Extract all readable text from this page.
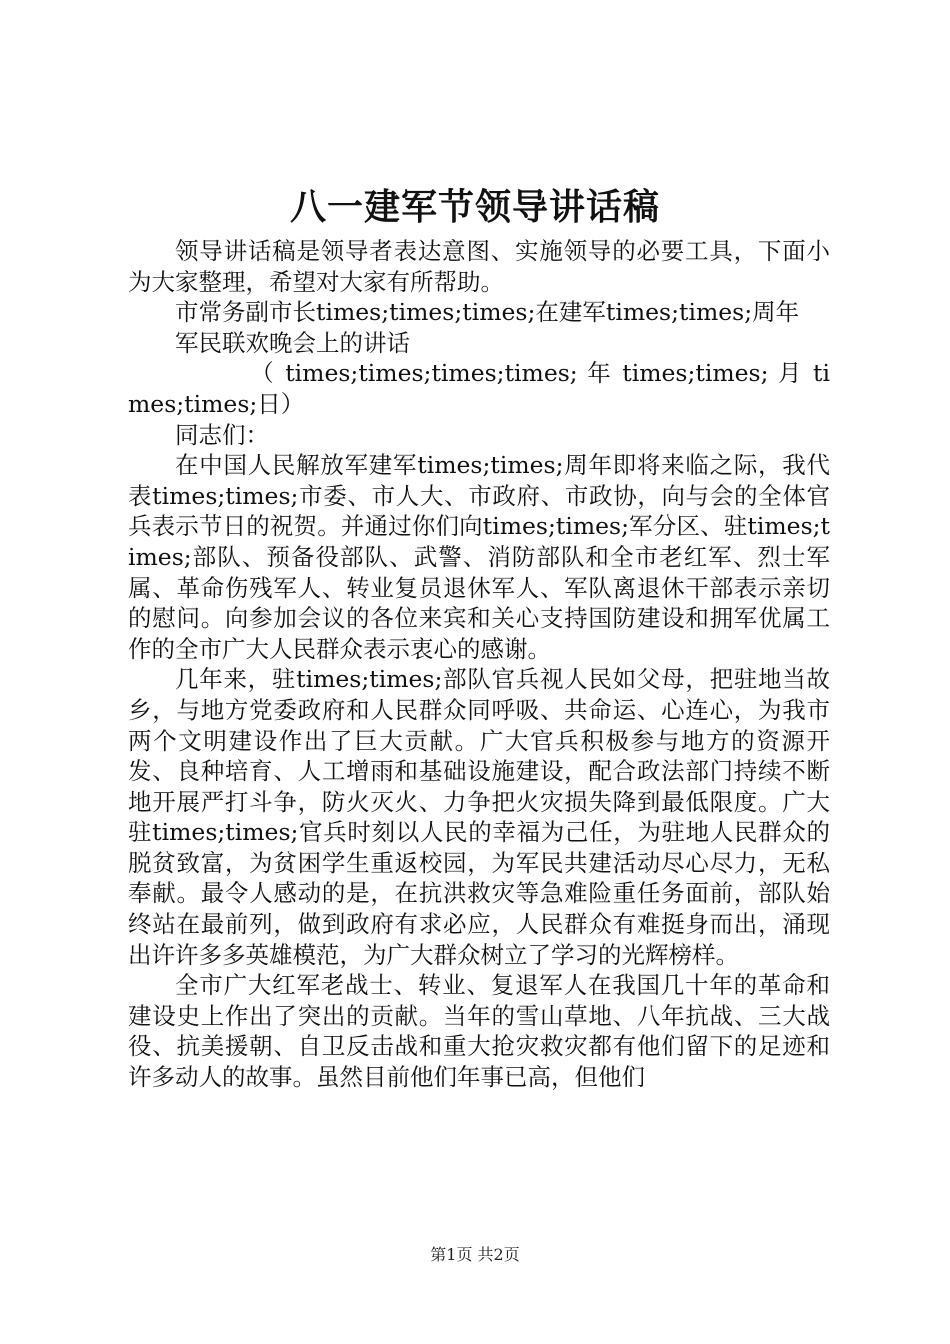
八一建军节领导讲话稿

领导讲话稿是领导者表达意图、实施领导的必要工具，下面小为大家整理，希望对大家有所帮助。

市常务副市长times;times;times;在建军times;times;周年

军民联欢晚会上的讲话

（ times;times;times;times; 年 times;times; 月 times;times;日）

同志们：

在中国人民解放军建军times;times;周年即将来临之际，我代表times;times;市委、市人大、市政府、市政协，向与会的全体官兵表示节日的祝贺。并通过你们向times;times;军分区、驻times;times;部队、预备役部队、武警、消防部队和全市老红军、烈士军属、革命伤残军人、转业复员退休军人、军队离退休干部表示亲切的慰问。向参加会议的各位来宾和关心支持国防建设和拥军优属工作的全市广大人民群众表示衷心的感谢。

几年来，驻times;times;部队官兵视人民如父母，把驻地当故乡，与地方党委政府和人民群众同呼吸、共命运、心连心，为我市两个文明建设作出了巨大贡献。广大官兵积极参与地方的资源开发、良种培育、人工增雨和基础设施建设，配合政法部门持续不断地开展严打斗争，防火灭火、力争把火灾损失降到最低限度。广大驻times;times;官兵时刻以人民的幸福为己任，为驻地人民群众的脱贫致富，为贫困学生重返校园，为军民共建活动尽心尽力，无私奉献。最令人感动的是，在抗洪救灾等急难险重任务面前，部队始终站在最前列，做到政府有求必应，人民群众有难挺身而出，涌现出许许多多英雄模范，为广大群众树立了学习的光辉榜样。

全市广大红军老战士、转业、复退军人在我国几十年的革命和建设史上作出了突出的贡献。当年的雪山草地、八年抗战、三大战役、抗美援朝、自卫反击战和重大抢灾救灾都有他们留下的足迹和许多动人的故事。虽然目前他们年事已高，但他们

第1页 共2页
